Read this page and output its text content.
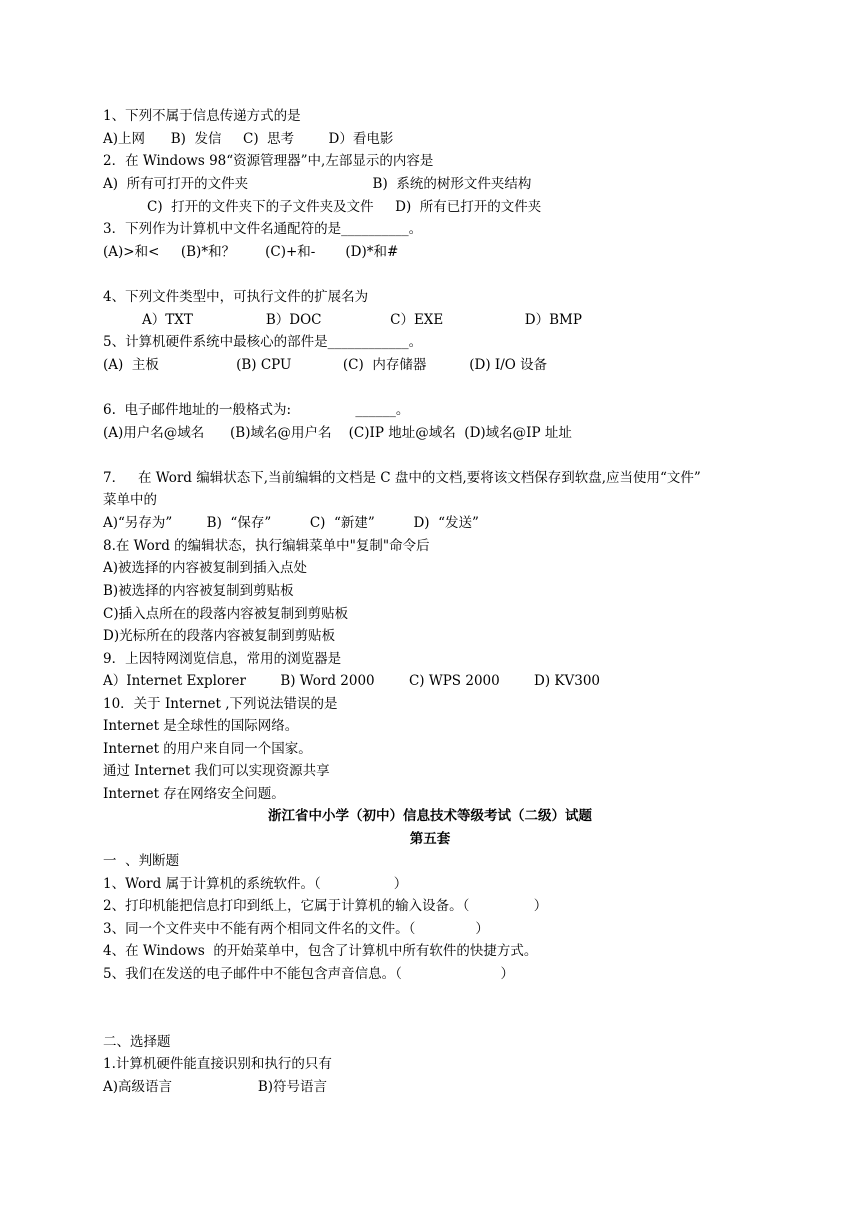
1、下列不属于信息传递方式的是
A)上网      B)  发信     C)  思考        D）看电影
2．在 Windows 98“资源管理器”中,左部显示的内容是
A)  所有可打开的文件夹                             B)  系统的树形文件夹结构
C)  打开的文件夹下的子文件夹及文件     D)  所有已打开的文件夹
3．下列作为计算机中文件名通配符的是__________。
(A)>和<     (B)*和？       (C)+和-       (D)*和#
4、下列文件类型中，可执行文件的扩展名为
A）TXT                 B）DOC                C）EXE                   D）BMP
5、计算机硬件系统中最核心的部件是____________。
(A)  主板                  (B) CPU            (C)  内存储器          (D) I/O 设备
6.  电子邮件地址的一般格式为:               ______。
(A)用户名@域名      (B)域名@用户名    (C)IP 地址@域名  (D)域名@IP 址址
7．   在 Word 编辑状态下,当前编辑的文档是 C 盘中的文档,要将该文档保存到软盘,应当使用“文件”
菜单中的
A)“另存为”        B)  “保存”         C)  “新建”         D)  “发送”
8.在 Word 的编辑状态，执行编辑菜单中"复制"命令后
A)被选择的内容被复制到插入点处
B)被选择的内容被复制到剪贴板
C)插入点所在的段落内容被复制到剪贴板
D)光标所在的段落内容被复制到剪贴板
9．上因特网浏览信息，常用的浏览器是
A）Internet Explorer        B) Word 2000        C) WPS 2000        D) KV300
10．关于 Internet ,下列说法错误的是
Internet 是全球性的国际网络。
Internet 的用户来自同一个国家。
通过 Internet 我们可以实现资源共享
Internet 存在网络安全问题。
浙江省中小学（初中）信息技术等级考试（二级）试题
第五套
一  、判断题
1、Word 属于计算机的系统软件。（                 ）
2、打印机能把信息打印到纸上，它属于计算机的输入设备。（               ）
3、同一个文件夹中不能有两个相同文件名的文件。（              ）
4、在 Windows  的开始菜单中，包含了计算机中所有软件的快捷方式。
5、我们在发送的电子邮件中不能包含声音信息。（                       ）
二、选择题
1.计算机硬件能直接识别和执行的只有
A)高级语言                    B)符号语言
